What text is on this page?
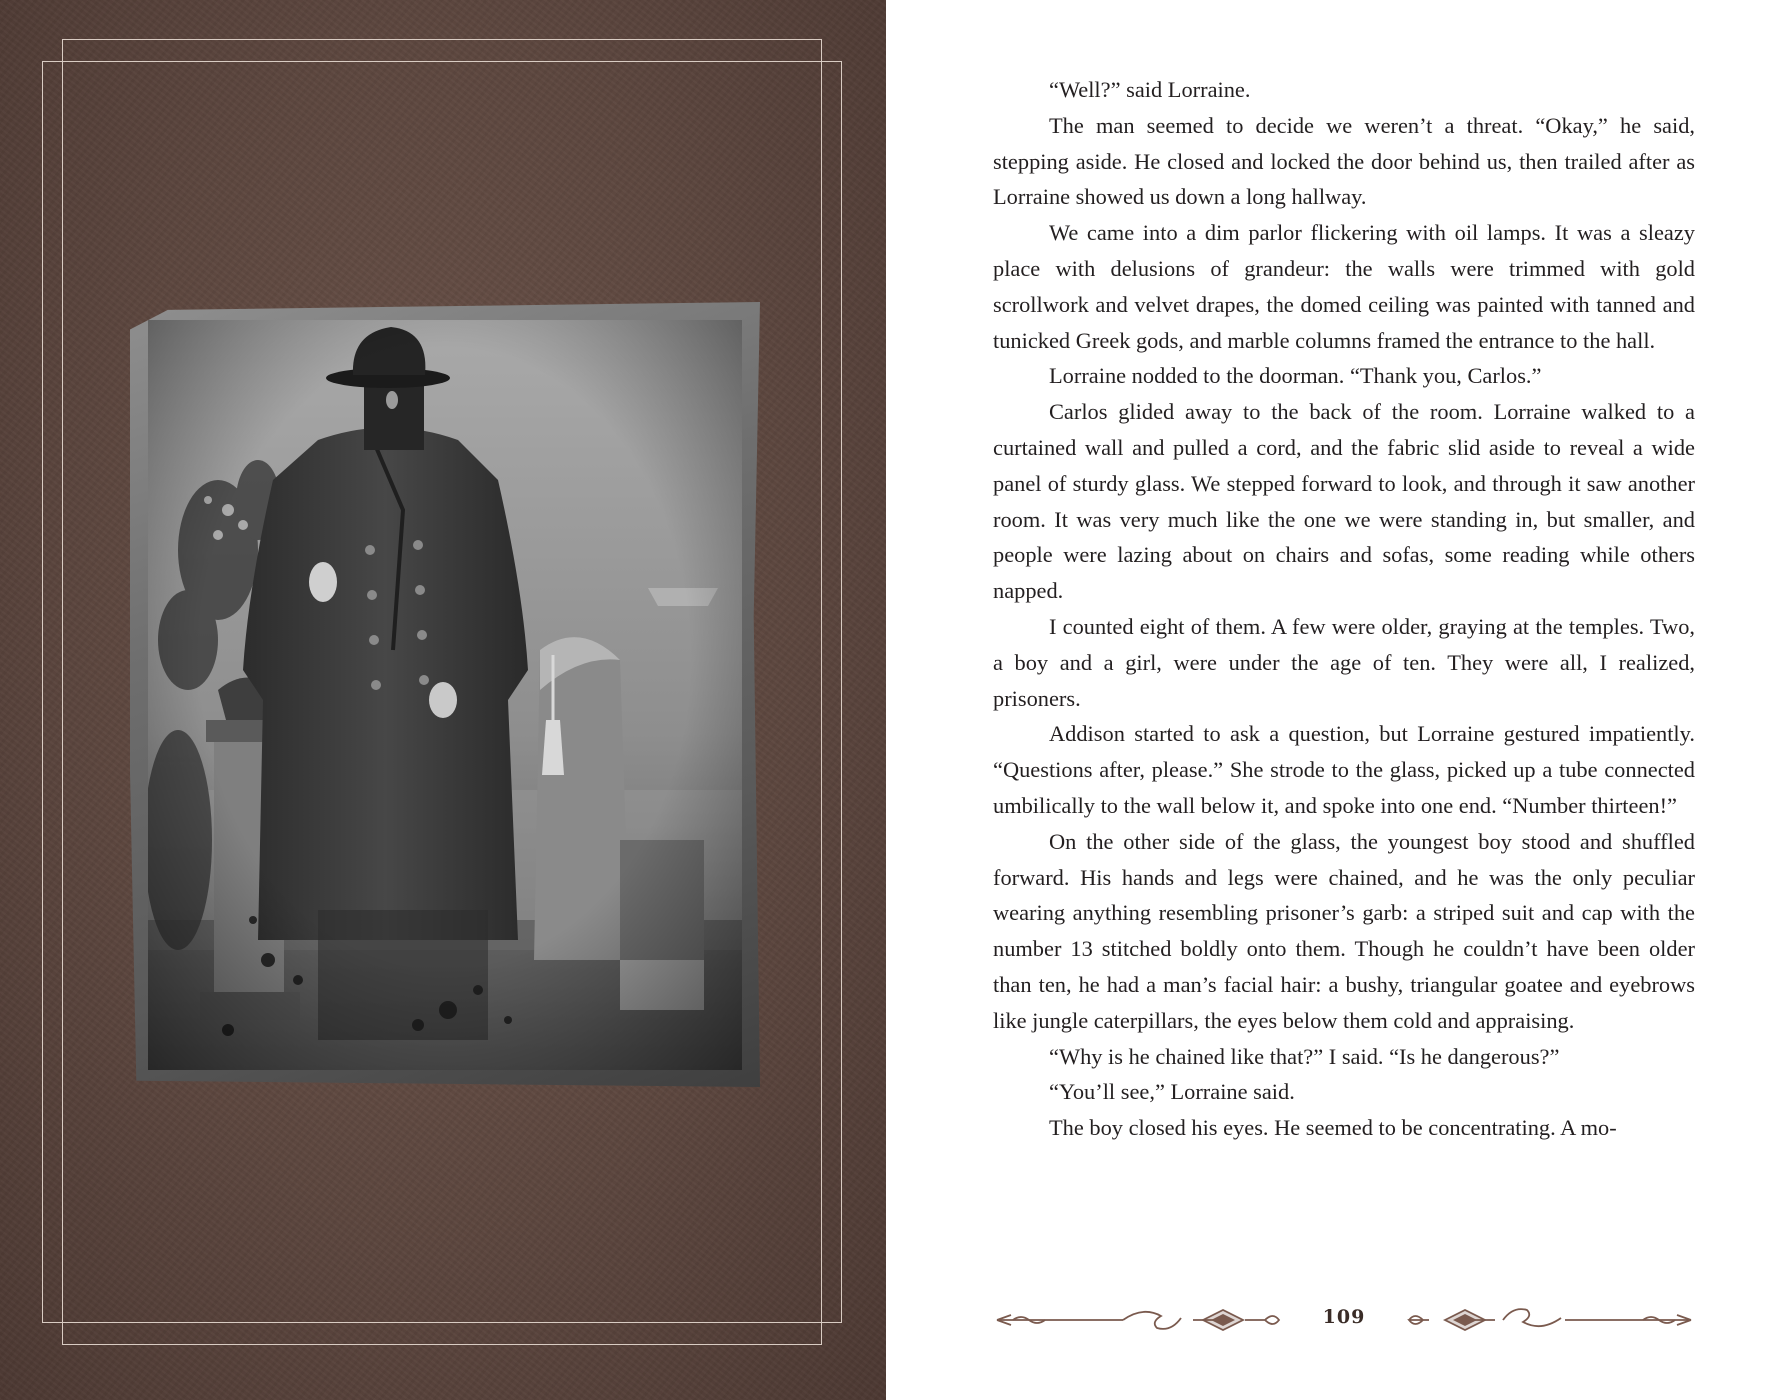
“Well?” said Lorraine.

The man seemed to decide we weren’t a threat. “Okay,” he said, stepping aside. He closed and locked the door behind us, then trailed after as Lorraine showed us down a long hallway.

We came into a dim parlor flickering with oil lamps. It was a sleazy place with delusions of grandeur: the walls were trimmed with gold scrollwork and velvet drapes, the domed ceiling was painted with tanned and tunicked Greek gods, and marble columns framed the entrance to the hall.

Lorraine nodded to the doorman. “Thank you, Carlos.”

Carlos glided away to the back of the room. Lorraine walked to a curtained wall and pulled a cord, and the fabric slid aside to reveal a wide panel of sturdy glass. We stepped forward to look, and through it saw another room. It was very much like the one we were standing in, but smaller, and people were lazing about on chairs and sofas, some reading while others napped.

I counted eight of them. A few were older, graying at the temples. Two, a boy and a girl, were under the age of ten. They were all, I realized, prisoners.

Addison started to ask a question, but Lorraine gestured impatiently. “Questions after, please.” She strode to the glass, picked up a tube connected umbilically to the wall below it, and spoke into one end. “Number thirteen!”

On the other side of the glass, the youngest boy stood and shuffled forward. His hands and legs were chained, and he was the only peculiar wearing anything resembling prisoner’s garb: a striped suit and cap with the number 13 stitched boldly onto them. Though he couldn’t have been older than ten, he had a man’s facial hair: a bushy, triangular goatee and eyebrows like jungle caterpillars, the eyes below them cold and appraising.

“Why is he chained like that?” I said. “Is he dangerous?”

“You’ll see,” Lorraine said.

The boy closed his eyes. He seemed to be concentrating. A mo-

109
